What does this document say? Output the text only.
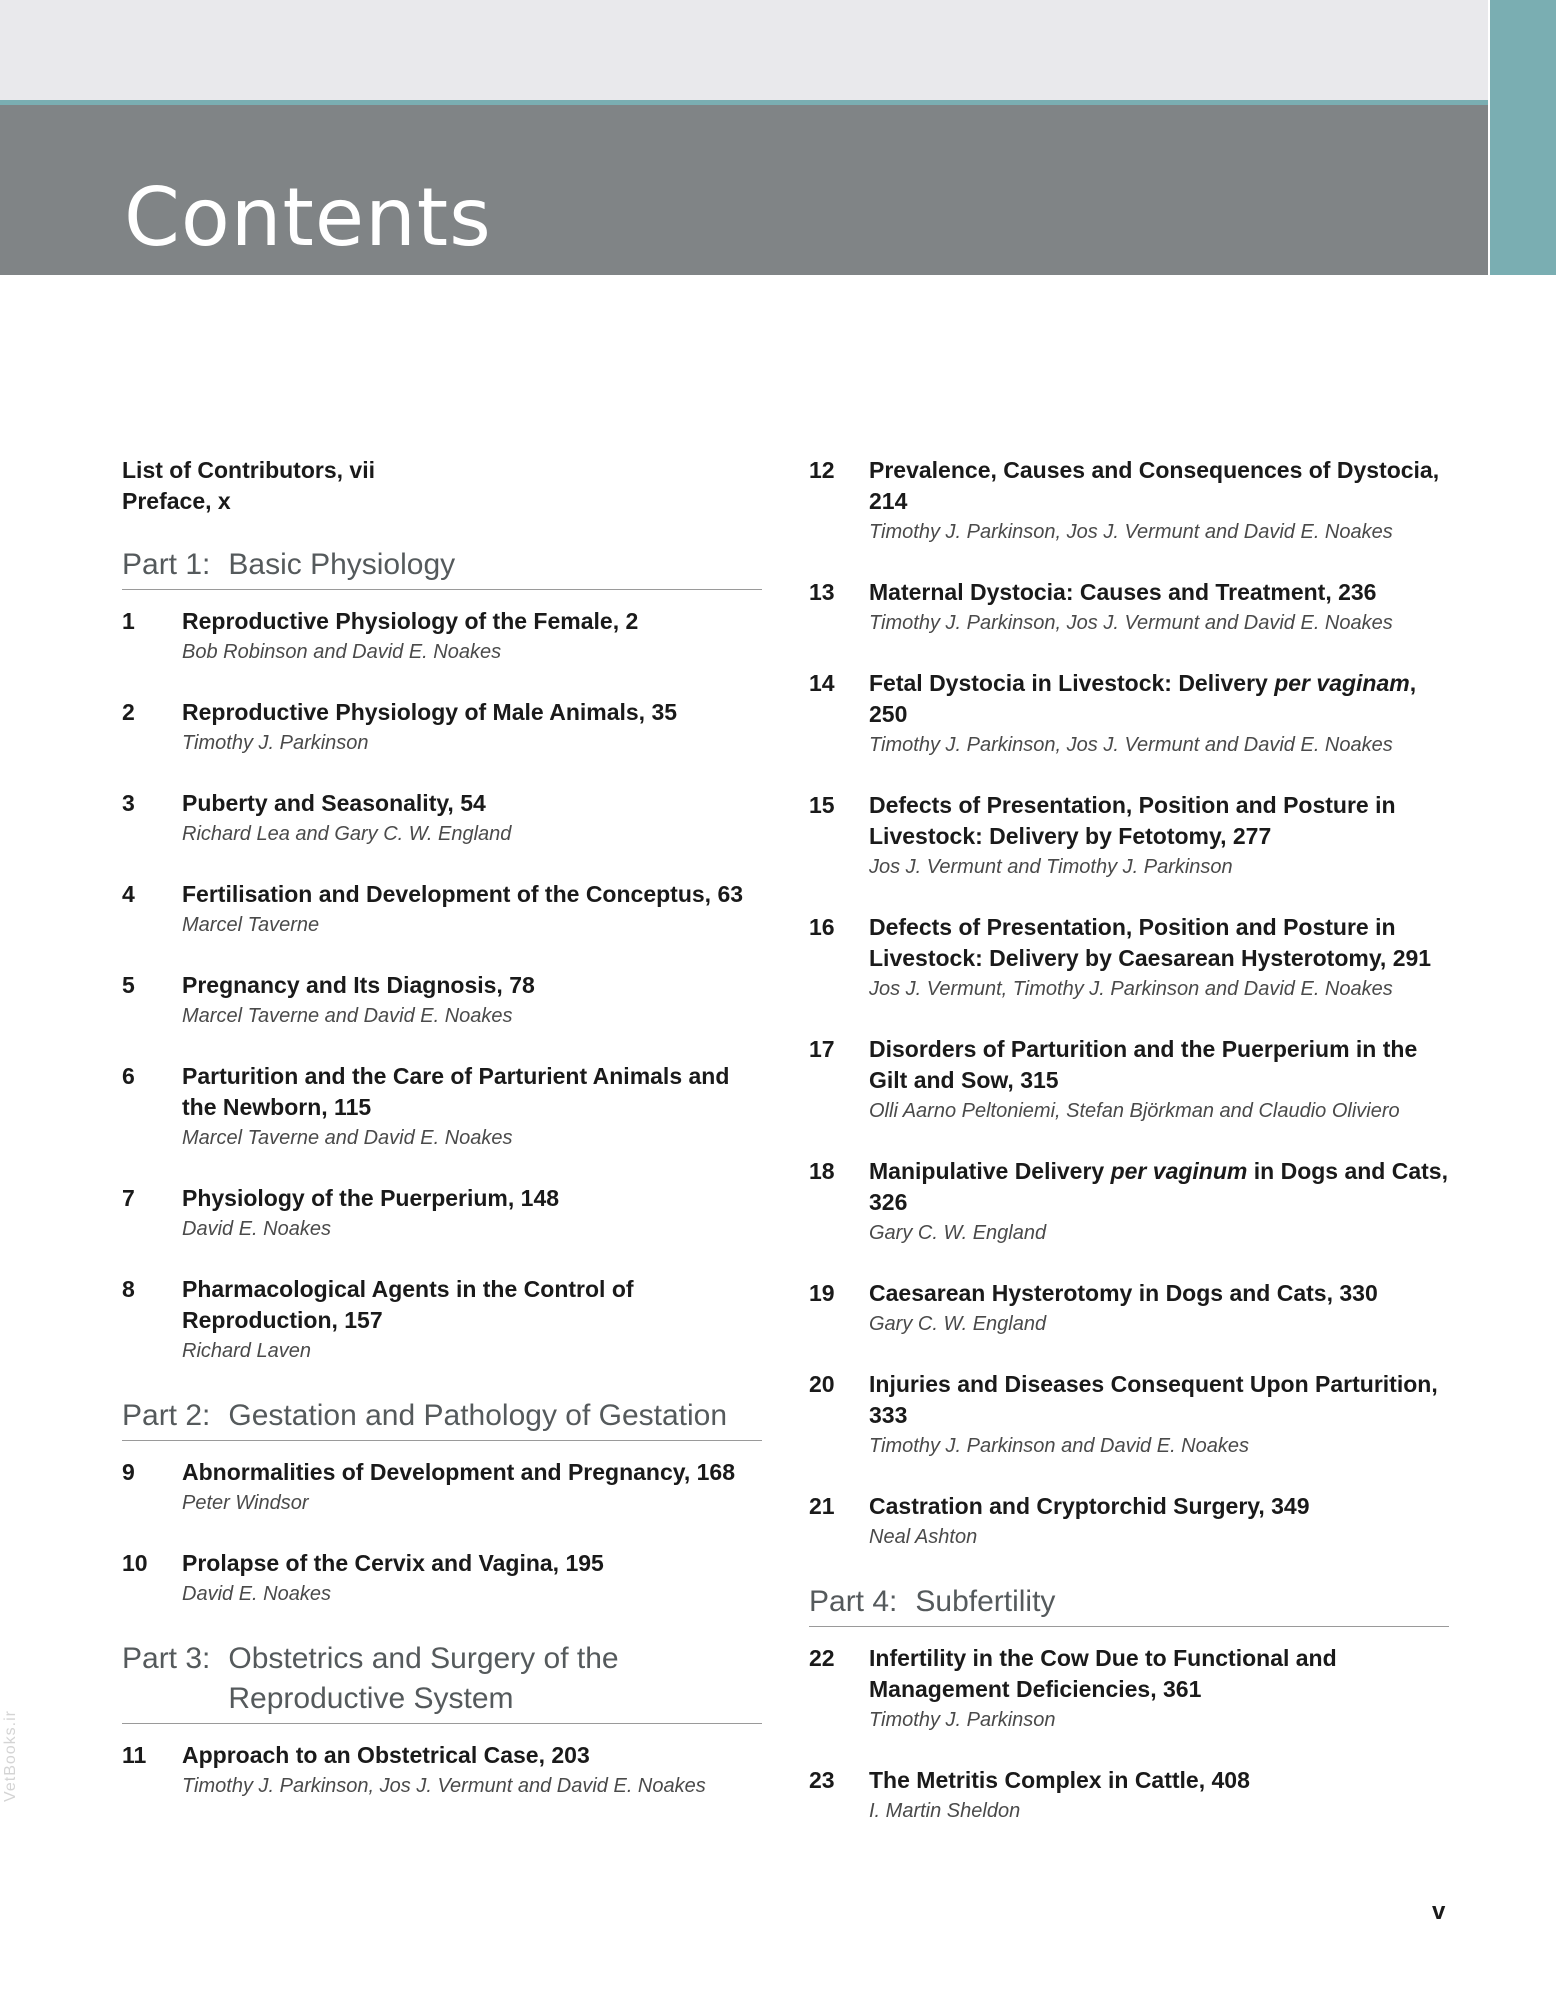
Contents
List of Contributors, vii
Preface, x
Part 1: Basic Physiology
1	Reproductive Physiology of the Female, 2
Bob Robinson and David E. Noakes
2	Reproductive Physiology of Male Animals, 35
Timothy J. Parkinson
3	Puberty and Seasonality, 54
Richard Lea and Gary C. W. England
4	Fertilisation and Development of the Conceptus, 63
Marcel Taverne
5	Pregnancy and Its Diagnosis, 78
Marcel Taverne and David E. Noakes
6	Parturition and the Care of Parturient Animals and the Newborn, 115
Marcel Taverne and David E. Noakes
7	Physiology of the Puerperium, 148
David E. Noakes
8	Pharmacological Agents in the Control of Reproduction, 157
Richard Laven
Part 2: Gestation and Pathology of Gestation
9	Abnormalities of Development and Pregnancy, 168
Peter Windsor
10	Prolapse of the Cervix and Vagina, 195
David E. Noakes
Part 3: Obstetrics and Surgery of the Reproductive System
11	Approach to an Obstetrical Case, 203
Timothy J. Parkinson, Jos J. Vermunt and David E. Noakes
12	Prevalence, Causes and Consequences of Dystocia, 214
Timothy J. Parkinson, Jos J. Vermunt and David E. Noakes
13	Maternal Dystocia: Causes and Treatment, 236
Timothy J. Parkinson, Jos J. Vermunt and David E. Noakes
14	Fetal Dystocia in Livestock: Delivery per vaginam, 250
Timothy J. Parkinson, Jos J. Vermunt and David E. Noakes
15	Defects of Presentation, Position and Posture in Livestock: Delivery by Fetotomy, 277
Jos J. Vermunt and Timothy J. Parkinson
16	Defects of Presentation, Position and Posture in Livestock: Delivery by Caesarean Hysterotomy, 291
Jos J. Vermunt, Timothy J. Parkinson and David E. Noakes
17	Disorders of Parturition and the Puerperium in the Gilt and Sow, 315
Olli Aarno Peltoniemi, Stefan Björkman and Claudio Oliviero
18	Manipulative Delivery per vaginum in Dogs and Cats, 326
Gary C. W. England
19	Caesarean Hysterotomy in Dogs and Cats, 330
Gary C. W. England
20	Injuries and Diseases Consequent Upon Parturition, 333
Timothy J. Parkinson and David E. Noakes
21	Castration and Cryptorchid Surgery, 349
Neal Ashton
Part 4: Subfertility
22	Infertility in the Cow Due to Functional and Management Deficiencies, 361
Timothy J. Parkinson
23	The Metritis Complex in Cattle, 408
I. Martin Sheldon
v
VetBooks.ir
